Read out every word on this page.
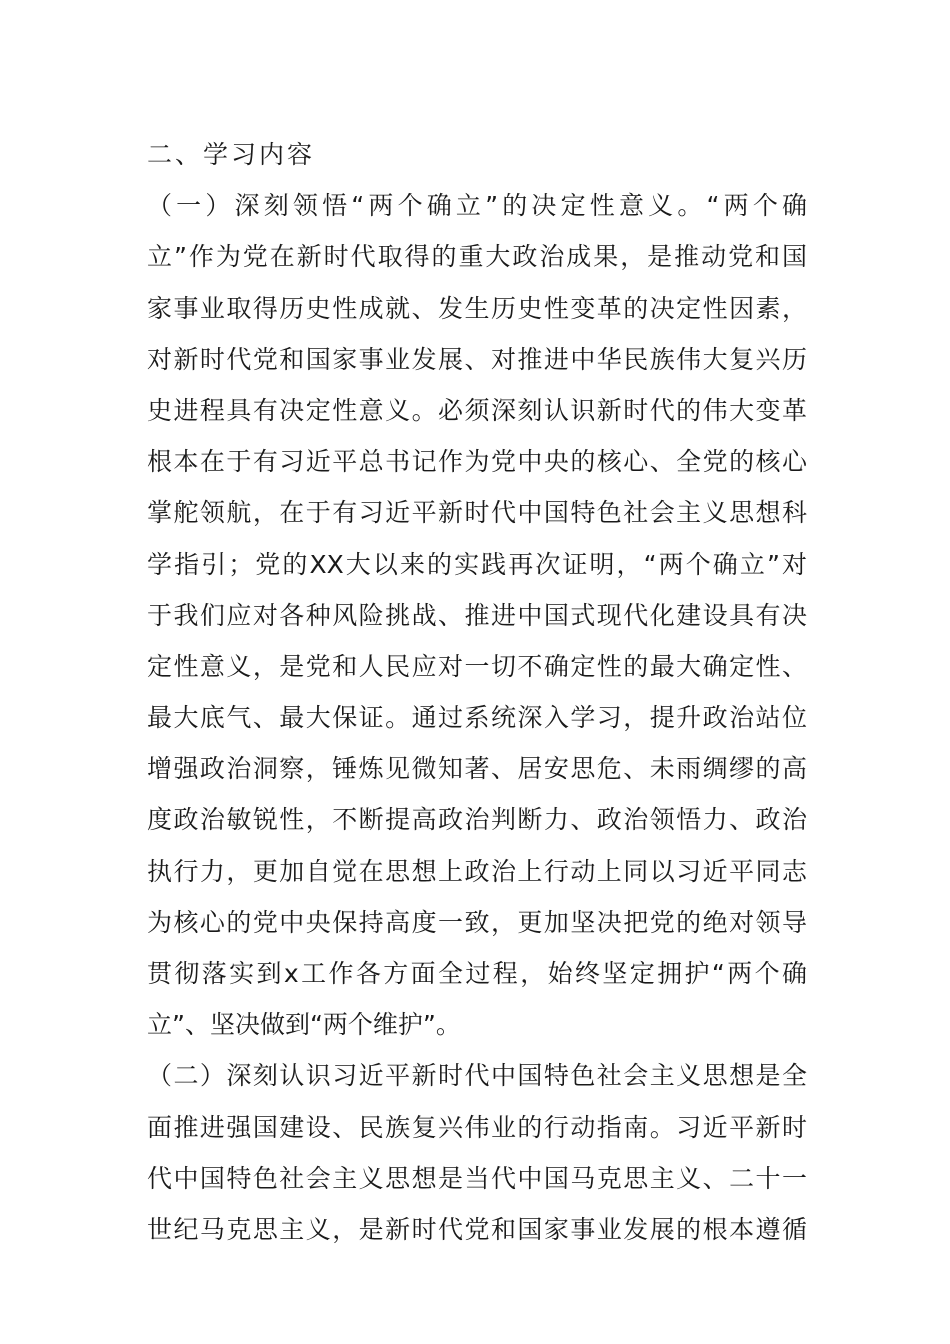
二、学习内容
（一）深刻领悟“两个确立”的决定性意义。“两个确
立”作为党在新时代取得的重大政治成果，是推动党和国
家事业取得历史性成就、发生历史性变革的决定性因素，
对新时代党和国家事业发展、对推进中华民族伟大复兴历
史进程具有决定性意义。必须深刻认识新时代的伟大变革
根本在于有习近平总书记作为党中央的核心、全党的核心
掌舵领航，在于有习近平新时代中国特色社会主义思想科
学指引；党的XX大以来的实践再次证明，“两个确立”对
于我们应对各种风险挑战、推进中国式现代化建设具有决
定性意义，是党和人民应对一切不确定性的最大确定性、
最大底气、最大保证。通过系统深入学习，提升政治站位
增强政治洞察，锤炼见微知著、居安思危、未雨绸缪的高
度政治敏锐性，不断提高政治判断力、政治领悟力、政治
执行力，更加自觉在思想上政治上行动上同以习近平同志
为核心的党中央保持高度一致，更加坚决把党的绝对领导
贯彻落实到x工作各方面全过程，始终坚定拥护“两个确
立”、坚决做到“两个维护”。
（二）深刻认识习近平新时代中国特色社会主义思想是全
面推进强国建设、民族复兴伟业的行动指南。习近平新时
代中国特色社会主义思想是当代中国马克思主义、二十一
世纪马克思主义，是新时代党和国家事业发展的根本遵循
